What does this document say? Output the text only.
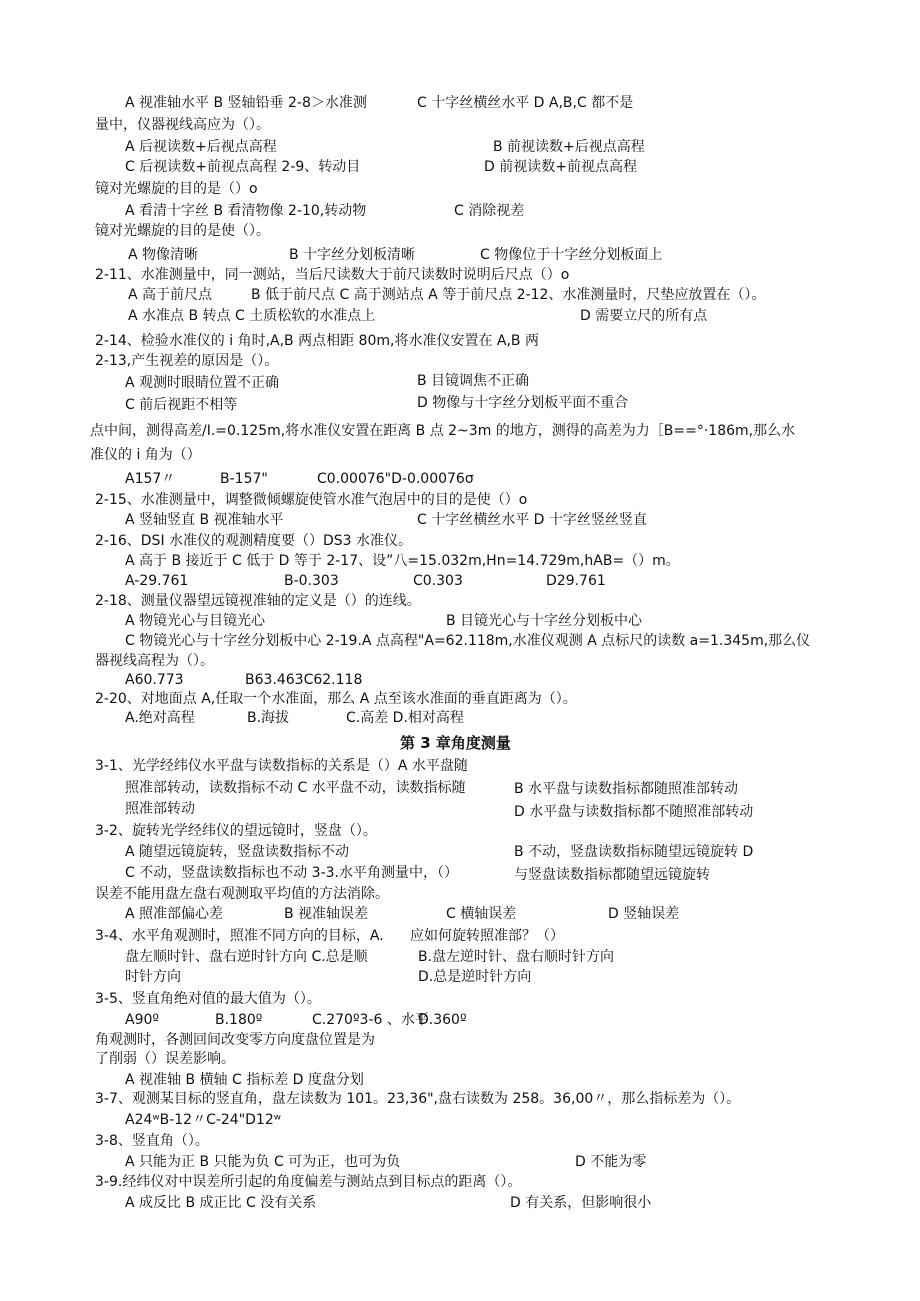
第 3 章角度测量
A 视准轴水平 B 竖轴铅垂 2-8＞水准测	C 十字丝横丝水平 D A,B,C 都不是
量中，仪器视线高应为（）。
A 后视读数+后视点高程	B 前视读数+后视点高程
C 后视读数+前视点高程 2-9、转动目	D 前视读数+前视点高程
镜对光螺旋的目的是（）o
A 看清十字丝 B 看清物像 2-10,转动物	C 消除视差
镜对光螺旋的目的是使（）。
A 物像清晰	B 十字丝分划板清晰	C 物像位于十字丝分划板面上
2-11、水准测量中，同一测站，当后尺读数大于前尺读数时说明后尺点（）o
A 高于前尺点	B 低于前尺点 C 高于测站点 A 等于前尺点 2-12、水准测量时，尺垫应放置在（）。
A 水准点 B 转点 C 土质松软的水准点上	D 需要立尺的所有点
2-14、检验水准仪的 i 角时,A,B 两点相距 80m,将水准仪安置在 A,B 两
2-13,产生视差的原因是（）。
A 观测时眼睛位置不正确	B 目镜调焦不正确
C 前后视距不相等	D 物像与十字丝分划板平面不重合
点中间，测得高差/I.=0.125m,将水准仪安置在距离 B 点 2~3m 的地方，测得的高差为力［B==°·186m,那么水
准仪的 i 角为（）
A157〃	B-157"	C0.00076"D-0.00076σ
2-15、水准测量中，调整微倾螺旋使管水准气泡居中的目的是使（）o
A 竖轴竖直 B 视准轴水平	C 十字丝横丝水平 D 十字丝竖丝竖直
2-16、DSI 水准仪的观测精度要（）DS3 水准仪。
A 高于 B 接近于 C 低于 D 等于 2-17、设”八=15.032m,Hn=14.729m,hAB=（）m。
A-29.761	B-0.303	C0.303	D29.761
2-18、测量仪器望远镜视准轴的定义是（）的连线。
A 物镜光心与目镜光心	B 目镜光心与十字丝分划板中心
C 物镜光心与十字丝分划板中心 2-19.A 点高程"A=62.118m,水准仪观测 A 点标尺的读数 a=1.345m,那么仪
器视线高程为（）。
A60.773	B63.463C62.118
2-20、对地面点 A,任取一个水准面，那么 A 点至该水准面的垂直距离为（）。
A.绝对高程	B.海拔	C.高差 D.相对高程
3-1、光学经纬仪水平盘与读数指标的关系是（）A 水平盘随
照准部转动，读数指标不动 C 水平盘不动，读数指标随	B 水平盘与读数指标都随照准部转动
照准部转动	D 水平盘与读数指标都不随照准部转动
3-2、旋转光学经纬仪的望远镜时，竖盘（）。
A 随望远镜旋转，竖盘读数指标不动	B 不动，竖盘读数指标随望远镜旋转 D
C 不动，竖盘读数指标也不动 3-3.水平角测量中，（）	与竖盘读数指标都随望远镜旋转
误差不能用盘左盘右观测取平均值的方法消除。
A 照准部偏心差	B 视准轴误差	C 横轴误差	D 竖轴误差
3-4、水平角观测时，照准不同方向的目标，A. 应如何旋转照准部？（）
盘左顺时针、盘右逆时针方向 C.总是顺	B.盘左逆时针、盘右顺时针方向
时针方向	D.总是逆时针方向
3-5、竖直角绝对值的最大值为（）。
A90º	B.180º	C.270º3-6 、水平
D.360º
角观测时，各测回间改变零方向度盘位置是为
了削弱（）误差影响。
A 视准轴 B 横轴 C 指标差 D 度盘分划
3-7、观测某目标的竖直角，盘左读数为 101。23,36",盘右读数为 258。36,00〃，那么指标差为（）。
A24ʷB-12〃C-24"D12ʷ
3-8、竖直角（）。
A 只能为正 B 只能为负 C 可为正，也可为负	D 不能为零
3-9.经纬仪对中误差所引起的角度偏差与测站点到目标点的距离（）。
A 成反比 B 成正比 C 没有关系	D 有关系，但影响很小
